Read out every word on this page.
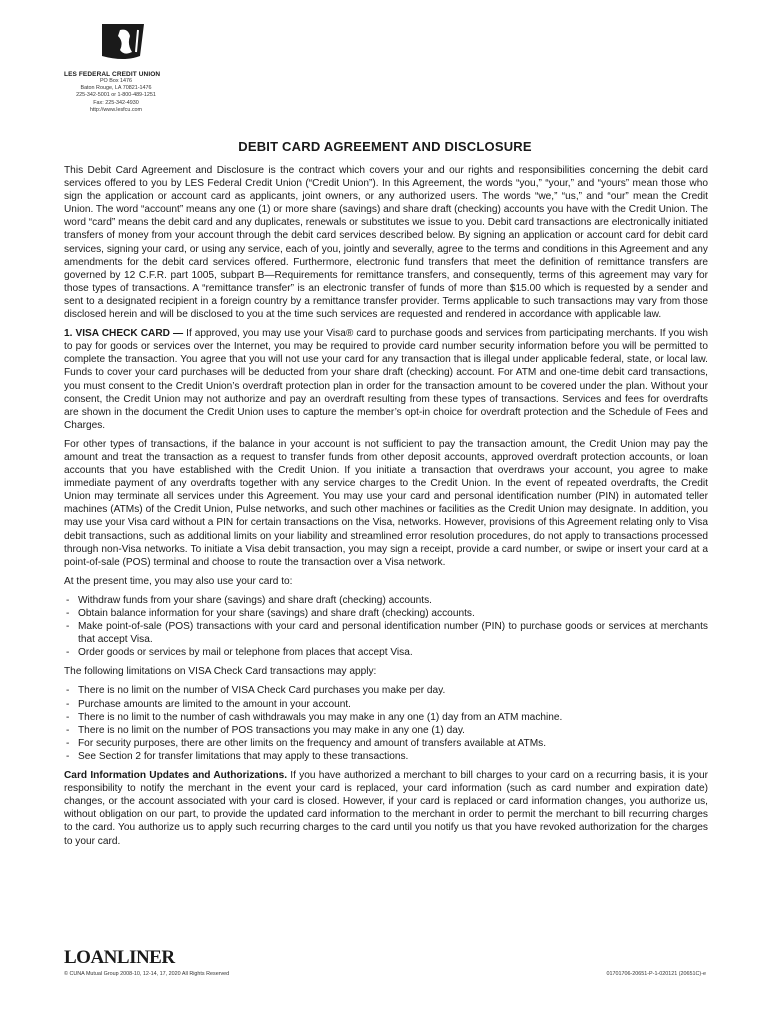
LES FEDERAL CREDIT UNION
PO Box 1476
Baton Rouge, LA 70821-1476
225-342-5001 or 1-800-489-1251
Fax: 225-342-4930
http://www.lesfcu.com
DEBIT CARD AGREEMENT AND DISCLOSURE

This Debit Card Agreement and Disclosure is the contract which covers your and our rights and responsibilities concerning the debit card services offered to you by LES Federal Credit Union (“Credit Union”). In this Agreement, the words “you,” “your,” and “yours” mean those who sign the application or account card as applicants, joint owners, or any authorized users. The words “we,” “us,” and “our” mean the Credit Union. The word “account” means any one (1) or more share (savings) and share draft (checking) accounts you have with the Credit Union. The word “card” means the debit card and any duplicates, renewals or substitutes we issue to you. Debit card transactions are electronically initiated transfers of money from your account through the debit card services described below. By signing an application or account card for debit card services, signing your card, or using any service, each of you, jointly and severally, agree to the terms and conditions in this Agreement and any amendments for the debit card services offered. Furthermore, electronic fund transfers that meet the definition of remittance transfers are governed by 12 C.F.R. part 1005, subpart B—Requirements for remittance transfers, and consequently, terms of this agreement may vary for those types of transactions. A “remittance transfer” is an electronic transfer of funds of more than $15.00 which is requested by a sender and sent to a designated recipient in a foreign country by a remittance transfer provider. Terms applicable to such transactions may vary from those disclosed herein and will be disclosed to you at the time such services are requested and rendered in accordance with applicable law.

1. VISA CHECK CARD — If approved, you may use your Visa® card to purchase goods and services from participating merchants. If you wish to pay for goods or services over the Internet, you may be required to provide card number security information before you will be permitted to complete the transaction. You agree that you will not use your card for any transaction that is illegal under applicable federal, state, or local law. Funds to cover your card purchases will be deducted from your share draft (checking) account. For ATM and one-time debit card transactions, you must consent to the Credit Union’s overdraft protection plan in order for the transaction amount to be covered under the plan. Without your consent, the Credit Union may not authorize and pay an overdraft resulting from these types of transactions. Services and fees for overdrafts are shown in the document the Credit Union uses to capture the member’s opt-in choice for overdraft protection and the Schedule of Fees and Charges.

For other types of transactions, if the balance in your account is not sufficient to pay the transaction amount, the Credit Union may pay the amount and treat the transaction as a request to transfer funds from other deposit accounts, approved overdraft protection accounts, or loan accounts that you have established with the Credit Union. If you initiate a transaction that overdraws your account, you agree to make immediate payment of any overdrafts together with any service charges to the Credit Union. In the event of repeated overdrafts, the Credit Union may terminate all services under this Agreement. You may use your card and personal identification number (PIN) in automated teller machines (ATMs) of the Credit Union, Pulse networks, and such other machines or facilities as the Credit Union may designate. In addition, you may use your Visa card without a PIN for certain transactions on the Visa, networks. However, provisions of this Agreement relating only to Visa debit transactions, such as additional limits on your liability and streamlined error resolution procedures, do not apply to transactions processed through non-Visa networks. To initiate a Visa debit transaction, you may sign a receipt, provide a card number, or swipe or insert your card at a point-of-sale (POS) terminal and choose to route the transaction over a Visa network.

At the present time, you may also use your card to:

- Withdraw funds from your share (savings) and share draft (checking) accounts.
- Obtain balance information for your share (savings) and share draft (checking) accounts.
- Make point-of-sale (POS) transactions with your card and personal identification number (PIN) to purchase goods or services at merchants that accept Visa.
- Order goods or services by mail or telephone from places that accept Visa.

The following limitations on VISA Check Card transactions may apply:

- There is no limit on the number of VISA Check Card purchases you make per day.
- Purchase amounts are limited to the amount in your account.
- There is no limit to the number of cash withdrawals you may make in any one (1) day from an ATM machine.
- There is no limit on the number of POS transactions you may make in any one (1) day.
- For security purposes, there are other limits on the frequency and amount of transfers available at ATMs.
- See Section 2 for transfer limitations that may apply to these transactions.

Card Information Updates and Authorizations. If you have authorized a merchant to bill charges to your card on a recurring basis, it is your responsibility to notify the merchant in the event your card is replaced, your card information (such as card number and expiration date) changes, or the account associated with your card is closed. However, if your card is replaced or card information changes, you authorize us, without obligation on our part, to provide the updated card information to the merchant in order to permit the merchant to bill recurring charges to the card. You authorize us to apply such recurring charges to the card until you notify us that you have revoked authorization for the charges to your card.

LOANLINER
© CUNA Mutual Group 2008-10, 12-14, 17, 2020 All Rights Reserved	01701706-20651-P-1-020121 (20651C)-e
